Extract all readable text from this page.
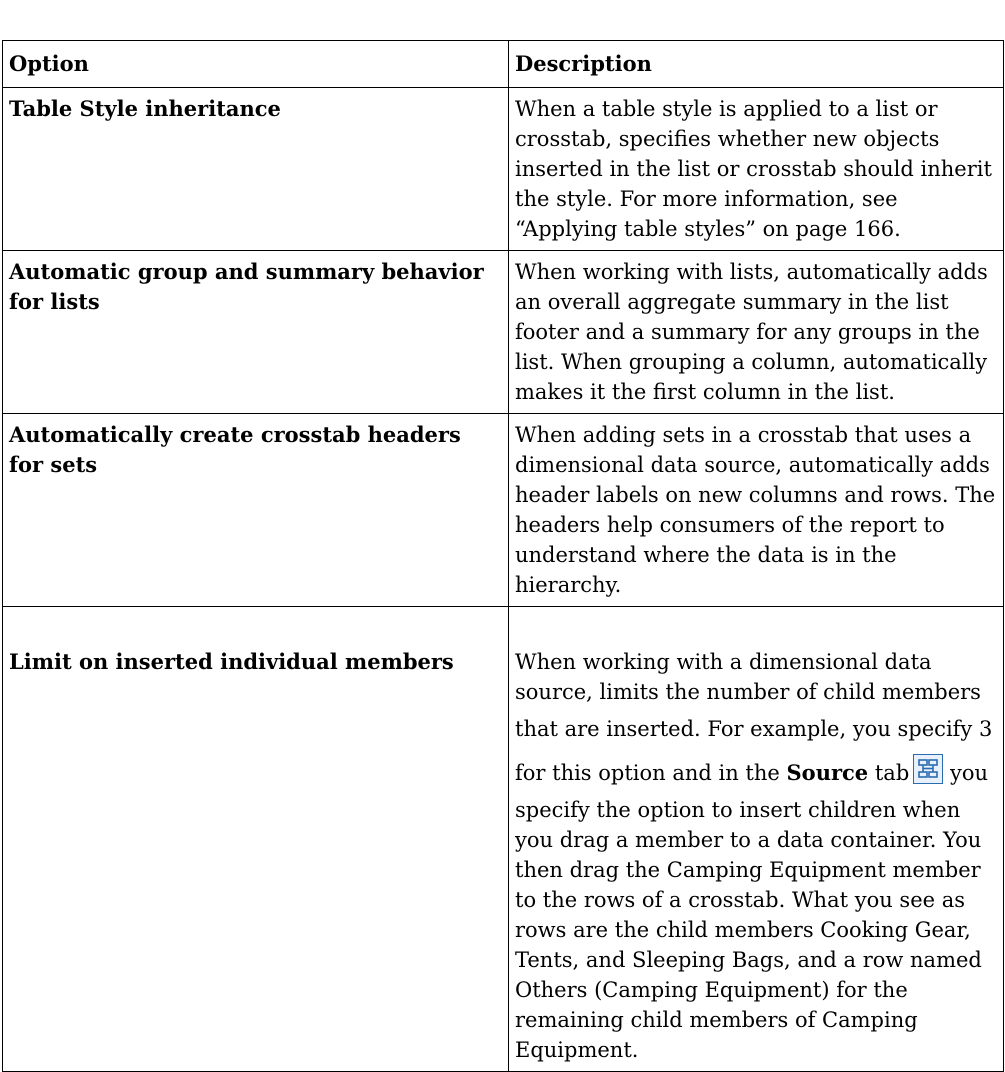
Option	Description
Table Style inheritance	When a table style is applied to a list or crosstab, specifies whether new objects inserted in the list or crosstab should inherit the style. For more information, see “Applying table styles” on page 166.
Automatic group and summary behavior for lists	When working with lists, automatically adds an overall aggregate summary in the list footer and a summary for any groups in the list. When grouping a column, automatically makes it the first column in the list.
Automatically create crosstab headers for sets	When adding sets in a crosstab that uses a dimensional data source, automatically adds header labels on new columns and rows. The headers help consumers of the report to understand where the data is in the hierarchy.
Limit on inserted individual members	When working with a dimensional data source, limits the number of child members that are inserted. For example, you specify 3 for this option and in the Source tab you specify the option to insert children when you drag a member to a data container. You then drag the Camping Equipment member to the rows of a crosstab. What you see as rows are the child members Cooking Gear, Tents, and Sleeping Bags, and a row named Others (Camping Equipment) for the remaining child members of Camping Equipment.
